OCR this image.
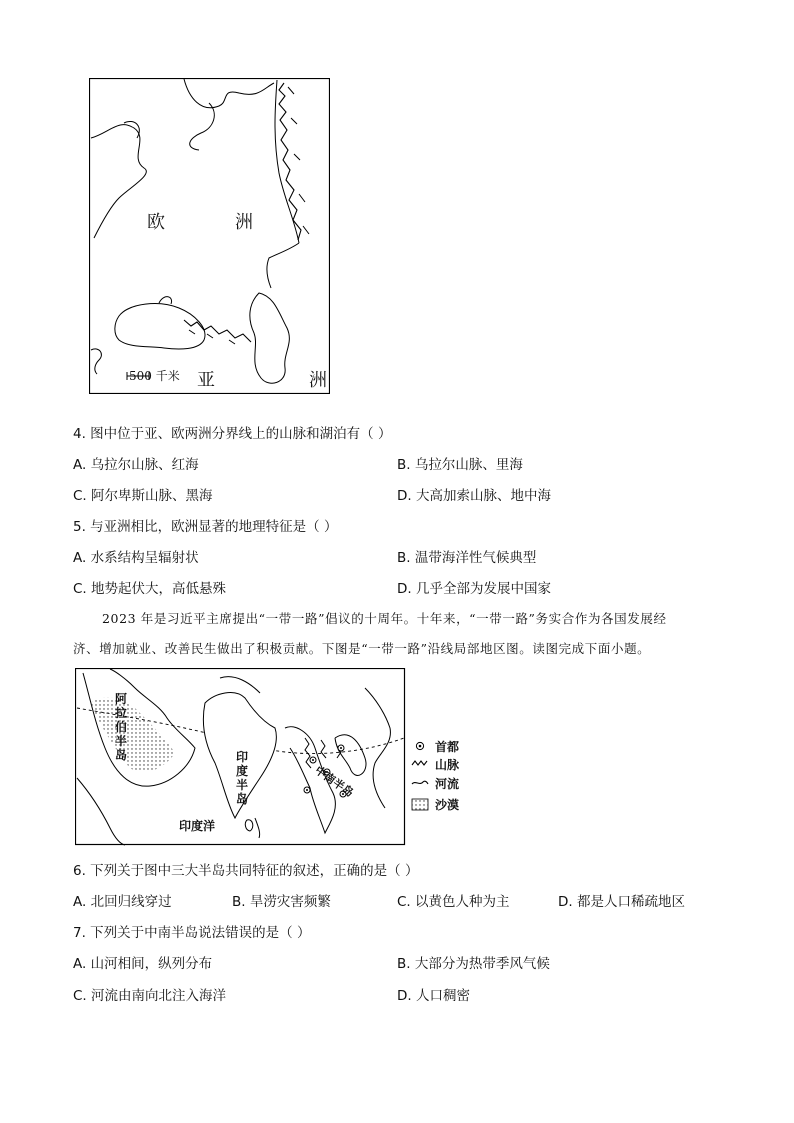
欧	洲
500 千米 亚	洲
4. 图中位于亚、欧两洲分界线上的山脉和湖泊有（ ）
A. 乌拉尔山脉、红海	B. 乌拉尔山脉、里海
C. 阿尔卑斯山脉、黑海	D. 大高加索山脉、地中海
5. 与亚洲相比，欧洲显著的地理特征是（ ）
A. 水系结构呈辐射状	B. 温带海洋性气候典型
C. 地势起伏大，高低悬殊	D. 几乎全部为发展中国家
2023 年是习近平主席提出“一带一路”倡议的十周年。十年来，“一带一路”务实合作为各国发展经
济、增加就业、改善民生做出了积极贡献。下图是“一带一路”沿线局部地区图。读图完成下面小题。
阿
拉
伯
半
岛	印
度
半
岛
印度洋
中南半岛
首都
山脉
河流
沙漠
6. 下列关于图中三大半岛共同特征的叙述，正确的是（ ）
A. 北回归线穿过	B. 旱涝灾害频繁	C. 以黄色人种为主	D. 都是人口稀疏地区
7. 下列关于中南半岛说法错误的是（ ）
A. 山河相间，纵列分布	B. 大部分为热带季风气候
C. 河流由南向北注入海洋	D. 人口稠密
